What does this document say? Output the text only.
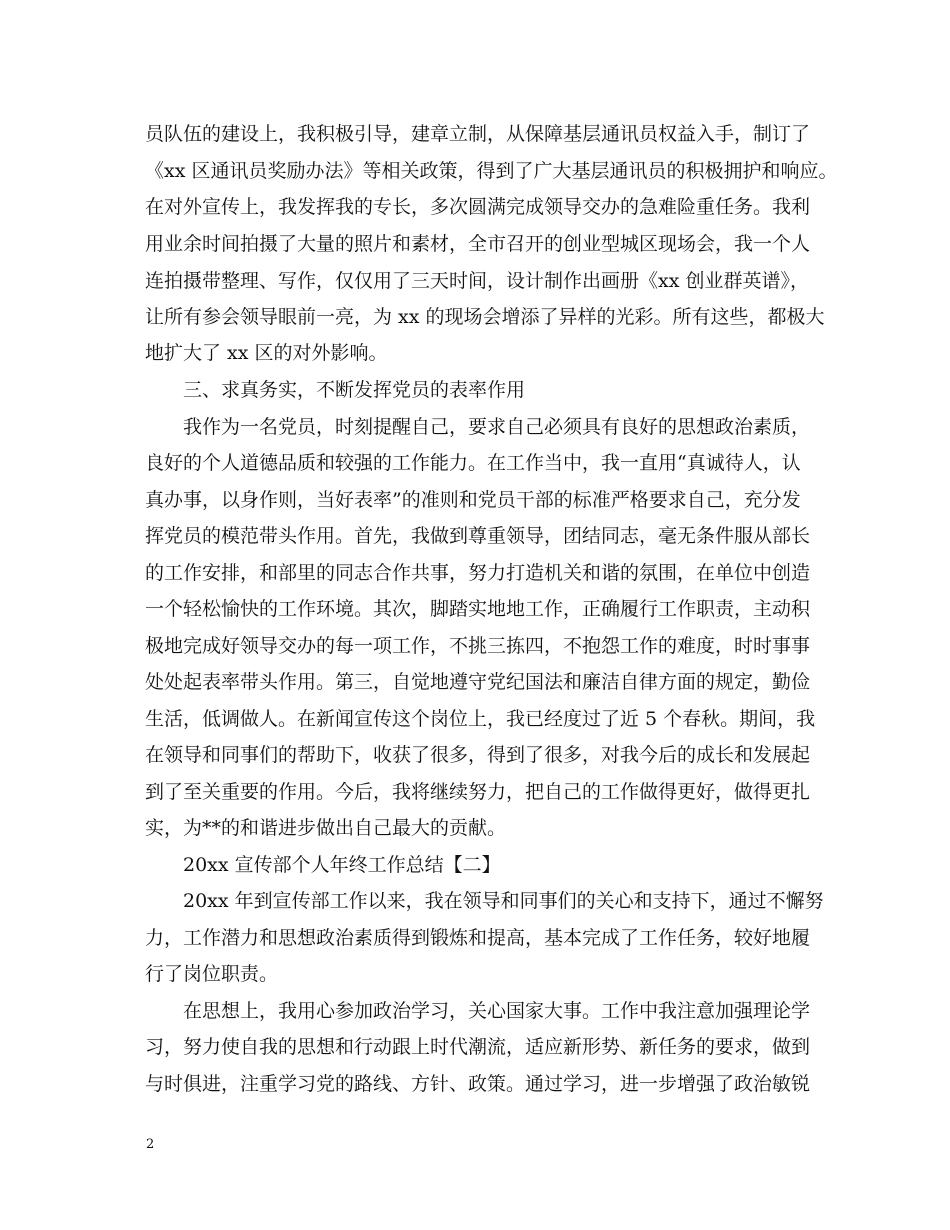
员队伍的建设上，我积极引导，建章立制，从保障基层通讯员权益入手，制订了
《xx 区通讯员奖励办法》等相关政策，得到了广大基层通讯员的积极拥护和响应。
在对外宣传上，我发挥我的专长，多次圆满完成领导交办的急难险重任务。我利
用业余时间拍摄了大量的照片和素材，全市召开的创业型城区现场会，我一个人
连拍摄带整理、写作，仅仅用了三天时间，设计制作出画册《xx 创业群英谱》，
让所有参会领导眼前一亮，为 xx 的现场会增添了异样的光彩。所有这些，都极大
地扩大了 xx 区的对外影响。
三、求真务实，不断发挥党员的表率作用
我作为一名党员，时刻提醒自己，要求自己必须具有良好的思想政治素质，
良好的个人道德品质和较强的工作能力。在工作当中，我一直用“真诚待人，认
真办事，以身作则，当好表率”的准则和党员干部的标准严格要求自己，充分发
挥党员的模范带头作用。首先，我做到尊重领导，团结同志，毫无条件服从部长
的工作安排，和部里的同志合作共事，努力打造机关和谐的氛围，在单位中创造
一个轻松愉快的工作环境。其次，脚踏实地地工作，正确履行工作职责，主动积
极地完成好领导交办的每一项工作，不挑三拣四，不抱怨工作的难度，时时事事
处处起表率带头作用。第三，自觉地遵守党纪国法和廉洁自律方面的规定，勤俭
生活，低调做人。在新闻宣传这个岗位上，我已经度过了近 5 个春秋。期间，我
在领导和同事们的帮助下，收获了很多，得到了很多，对我今后的成长和发展起
到了至关重要的作用。今后，我将继续努力，把自己的工作做得更好，做得更扎
实，为**的和谐进步做出自己最大的贡献。
20xx 宣传部个人年终工作总结【二】
20xx 年到宣传部工作以来，我在领导和同事们的关心和支持下，通过不懈努
力，工作潜力和思想政治素质得到锻炼和提高，基本完成了工作任务，较好地履
行了岗位职责。
在思想上，我用心参加政治学习，关心国家大事。工作中我注意加强理论学
习，努力使自我的思想和行动跟上时代潮流，适应新形势、新任务的要求，做到
与时俱进，注重学习党的路线、方针、政策。通过学习，进一步增强了政治敏锐
2
